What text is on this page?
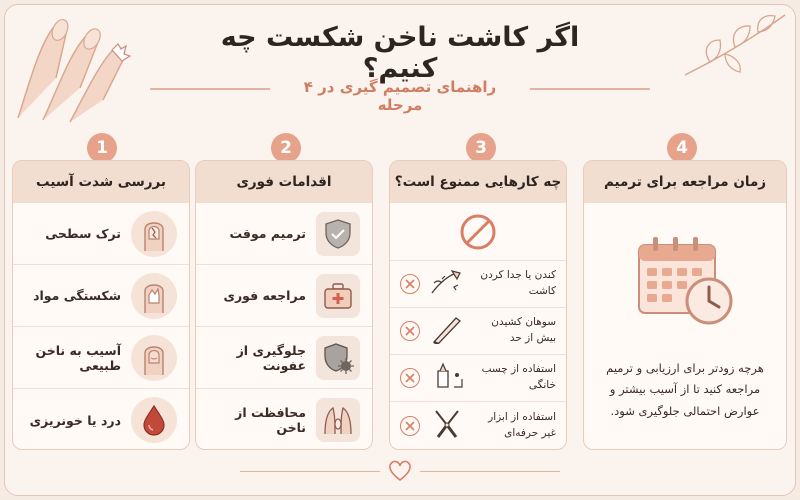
اگر کاشت ناخن شکست چه کنیم؟
راهنمای تصمیم گیری در ۴ مرحله
1	2	3	4
بررسی شدت آسیب
ترک سطحی
شکستگی مواد
آسیب به ناخن طبیعی
درد یا خونریزی
اقدامات فوری
ترمیم موقت
مراجعه فوری
جلوگیری از عفونت
محافظت از ناخن
چه کارهایی ممنوع است؟
کندن یا جدا کردن کاشت
سوهان کشیدن بیش از حد
استفاده از چسب خانگی
استفاده از ابزار غیر حرفه‌ای
زمان مراجعه برای ترمیم
هرچه زودتر برای ارزیابی و ترمیم مراجعه کنید تا از آسیب بیشتر و عوارض احتمالی جلوگیری شود.
